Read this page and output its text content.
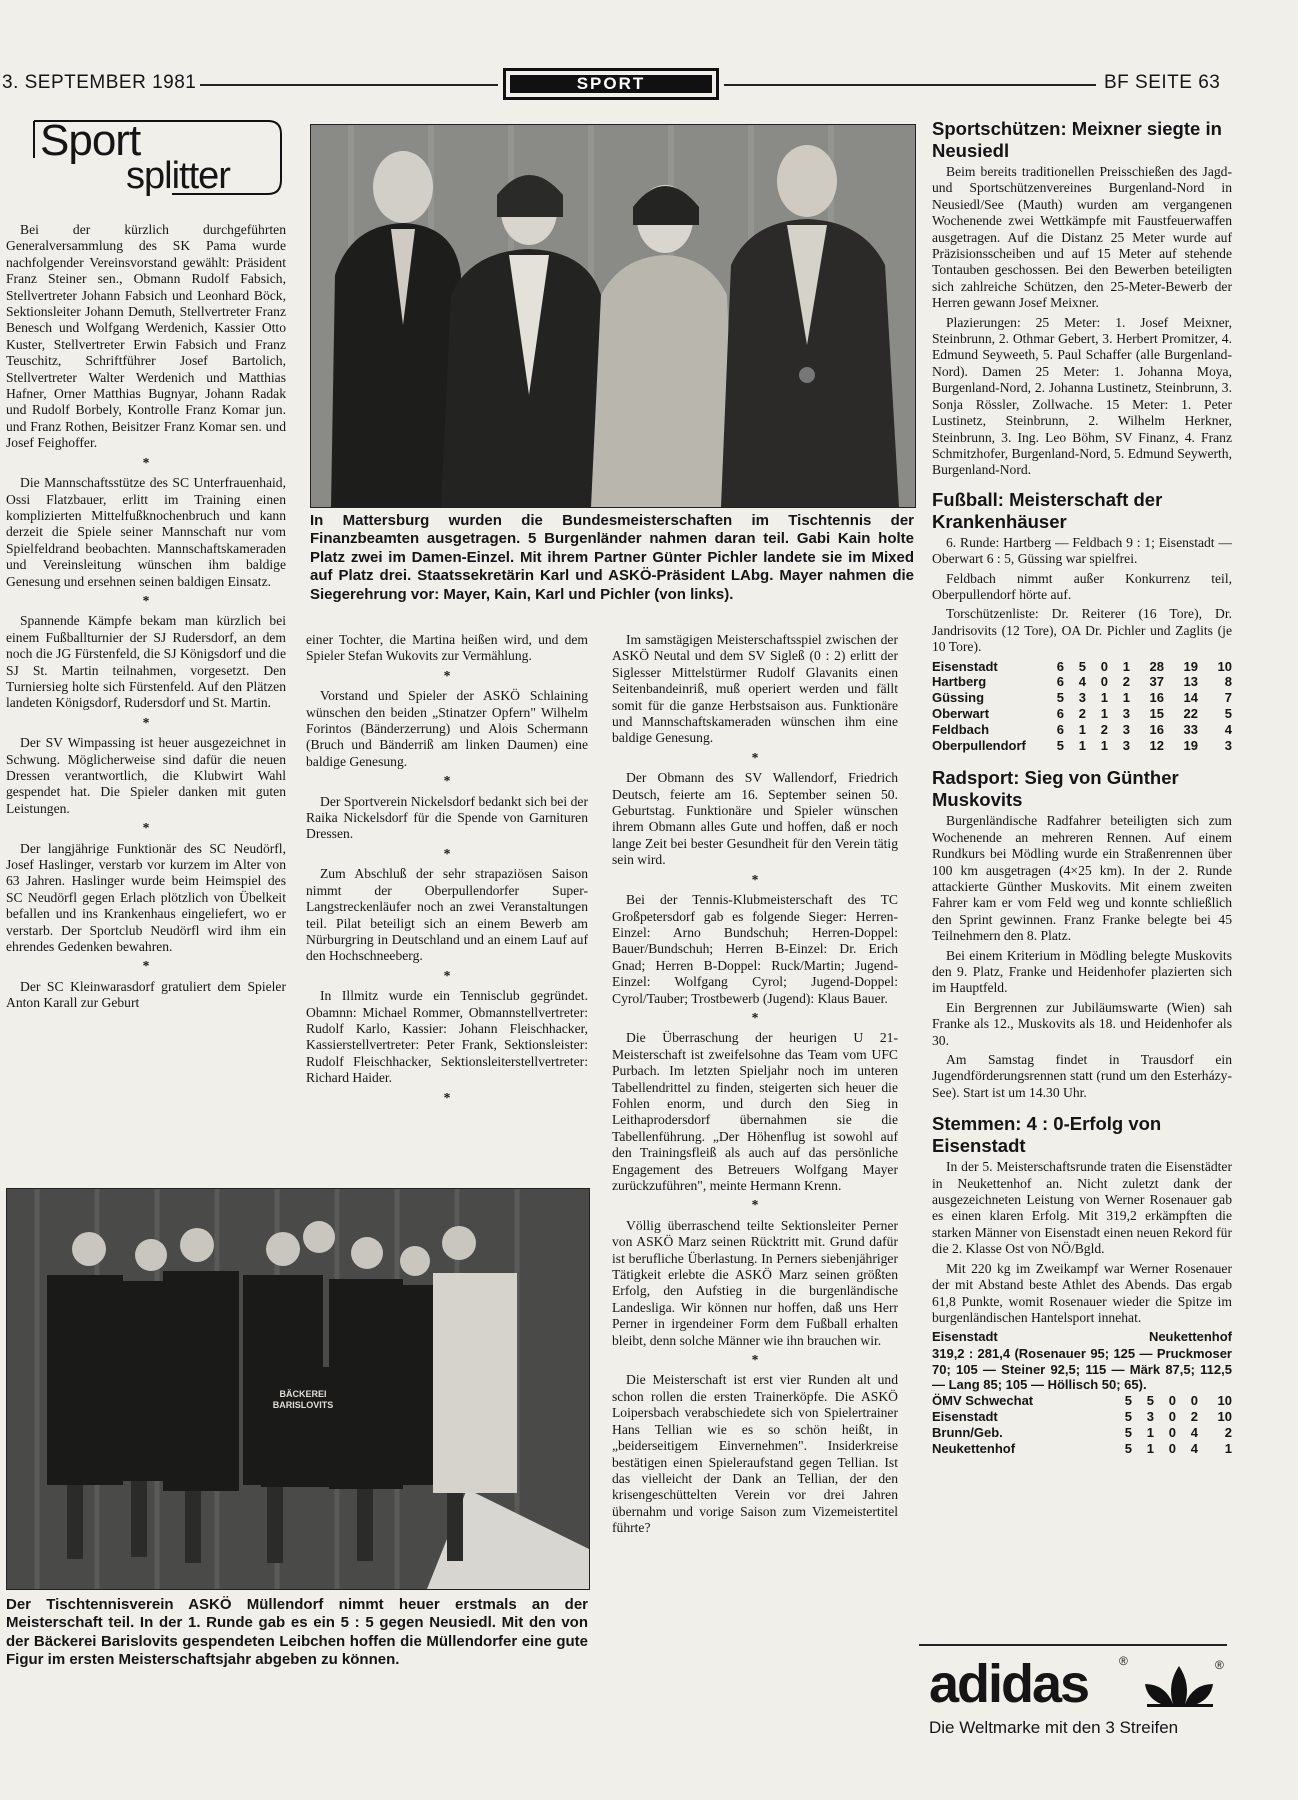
3. SEPTEMBER 1981	SPORT	BF SEITE 63
Sport
splitter

Bei der kürzlich durchgeführten Generalversammlung des SK Pama wurde nachfolgender Vereinsvorstand gewählt: Präsident Franz Steiner sen., Obmann Rudolf Fabsich, Stellvertreter Johann Fabsich und Leonhard Böck, Sektionsleiter Johann Demuth, Stellvertreter Franz Benesch und Wolfgang Werdenich, Kassier Otto Kuster, Stellvertreter Erwin Fabsich und Franz Teuschitz, Schriftführer Josef Bartolich, Stellvertreter Walter Werdenich und Matthias Hafner, Orner Matthias Bugnyar, Johann Radak und Rudolf Borbely, Kontrolle Franz Komar jun. und Franz Rothen, Beisitzer Franz Komar sen. und Josef Feighoffer.

*

Die Mannschaftsstütze des SC Unterfrauenhaid, Ossi Flatzbauer, erlitt im Training einen komplizierten Mittelfußknochenbruch und kann derzeit die Spiele seiner Mannschaft nur vom Spielfeldrand beobachten. Mannschaftskameraden und Vereinsleitung wünschen ihm baldige Genesung und ersehnen seinen baldigen Einsatz.

*

Spannende Kämpfe bekam man kürzlich bei einem Fußballturnier der SJ Rudersdorf, an dem noch die JG Fürstenfeld, die SJ Königsdorf und die SJ St. Martin teilnahmen, vorgesetzt. Den Turniersieg holte sich Fürstenfeld. Auf den Plätzen landeten Königsdorf, Rudersdorf und St. Martin.

*

Der SV Wimpassing ist heuer ausgezeichnet in Schwung. Möglicherweise sind dafür die neuen Dressen verantwortlich, die Klubwirt Wahl gespendet hat. Die Spieler danken mit guten Leistungen.

*

Der langjährige Funktionär des SC Neudörfl, Josef Haslinger, verstarb vor kurzem im Alter von 63 Jahren. Haslinger wurde beim Heimspiel des SC Neudörfl gegen Erlach plötzlich von Übelkeit befallen und ins Krankenhaus eingeliefert, wo er verstarb. Der Sportclub Neudörfl wird ihm ein ehrendes Gedenken bewahren.

*

Der SC Kleinwarasdorf gratuliert dem Spieler Anton Karall zur Geburt

In Mattersburg wurden die Bundesmeisterschaften im Tischtennis der Finanzbeamten ausgetragen. 5 Burgenländer nahmen daran teil. Gabi Kain holte Platz zwei im Damen-Einzel. Mit ihrem Partner Günter Pichler landete sie im Mixed auf Platz drei. Staatssekretärin Karl und ASKÖ-Präsident LAbg. Mayer nahmen die Siegerehrung vor: Mayer, Kain, Karl und Pichler (von links).

einer Tochter, die Martina heißen wird, und dem Spieler Stefan Wukovits zur Vermählung.

*

Vorstand und Spieler der ASKÖ Schlaining wünschen den beiden „Stinatzer Opfern" Wilhelm Forintos (Bänderzerrung) und Alois Schermann (Bruch und Bänderriß am linken Daumen) eine baldige Genesung.

*

Der Sportverein Nickelsdorf bedankt sich bei der Raika Nickelsdorf für die Spende von Garnituren Dressen.

*

Zum Abschluß der sehr strapaziösen Saison nimmt der Oberpullendorfer Super-Langstreckenläufer noch an zwei Veranstaltungen teil. Pilat beteiligt sich an einem Bewerb am Nürburgring in Deutschland und an einem Lauf auf den Hochschneeberg.

*

In Illmitz wurde ein Tennisclub gegründet. Obamnn: Michael Rommer, Obmannstellvertreter: Rudolf Karlo, Kassier: Johann Fleischhacker, Kassierstellvertreter: Peter Frank, Sektionsleister: Rudolf Fleischhacker, Sektionsleiterstellvertreter: Richard Haider.

*

Im samstägigen Meisterschaftsspiel zwischen der ASKÖ Neutal und dem SV Sigleß (0 : 2) erlitt der Siglesser Mittelstürmer Rudolf Glavanits einen Seitenbandeinriß, muß operiert werden und fällt somit für die ganze Herbstsaison aus. Funktionäre und Mannschaftskameraden wünschen ihm eine baldige Genesung.

*

Der Obmann des SV Wallendorf, Friedrich Deutsch, feierte am 16. September seinen 50. Geburtstag. Funktionäre und Spieler wünschen ihrem Obmann alles Gute und hoffen, daß er noch lange Zeit bei bester Gesundheit für den Verein tätig sein wird.

*

Bei der Tennis-Klubmeisterschaft des TC Großpetersdorf gab es folgende Sieger: Herren-Einzel: Arno Bundschuh; Herren-Doppel: Bauer/Bundschuh; Herren B-Einzel: Dr. Erich Gnad; Herren B-Doppel: Ruck/Martin; Jugend-Einzel: Wolfgang Cyrol; Jugend-Doppel: Cyrol/Tauber; Trostbewerb (Jugend): Klaus Bauer.

*

Die Überraschung der heurigen U 21-Meisterschaft ist zweifelsohne das Team vom UFC Purbach. Im letzten Spieljahr noch im unteren Tabellendrittel zu finden, steigerten sich heuer die Fohlen enorm, und durch den Sieg in Leithaprodersdorf übernahmen sie die Tabellenführung. „Der Höhenflug ist sowohl auf den Trainingsfleiß als auch auf das persönliche Engagement des Betreuers Wolfgang Mayer zurückzuführen", meinte Hermann Krenn.

*

Völlig überraschend teilte Sektionsleiter Perner von ASKÖ Marz seinen Rücktritt mit. Grund dafür ist berufliche Überlastung. In Perners siebenjähriger Tätigkeit erlebte die ASKÖ Marz seinen größten Erfolg, den Aufstieg in die burgenländische Landesliga. Wir können nur hoffen, daß uns Herr Perner in irgendeiner Form dem Fußball erhalten bleibt, denn solche Männer wie ihn brauchen wir.

*

Die Meisterschaft ist erst vier Runden alt und schon rollen die ersten Trainerköpfe. Die ASKÖ Loipersbach verabschiedete sich von Spielertrainer Hans Tellian wie es so schön heißt, in „beiderseitigem Einvernehmen". Insiderkreise bestätigen einen Spieleraufstand gegen Tellian. Ist das vielleicht der Dank an Tellian, der den krisengeschüttelten Verein vor drei Jahren übernahm und vorige Saison zum Vizemeistertitel führte?

BÄCKEREI BARISLOVITS
Der Tischtennisverein ASKÖ Müllendorf nimmt heuer erstmals an der Meisterschaft teil. In der 1. Runde gab es ein 5 : 5 gegen Neusiedl. Mit den von der Bäckerei Barislovits gespendeten Leibchen hoffen die Müllendorfer eine gute Figur im ersten Meisterschaftsjahr abgeben zu können.
Sportschützen: Meixner siegte in Neusiedl

Beim bereits traditionellen Preisschießen des Jagd- und Sportschützenvereines Burgenland-Nord in Neusiedl/See (Mauth) wurden am vergangenen Wochenende zwei Wettkämpfe mit Faustfeuerwaffen ausgetragen. Auf die Distanz 25 Meter wurde auf Präzisionsscheiben und auf 15 Meter auf stehende Tontauben geschossen. Bei den Bewerben beteiligten sich zahlreiche Schützen, den 25-Meter-Bewerb der Herren gewann Josef Meixner.

Plazierungen: 25 Meter: 1. Josef Meixner, Steinbrunn, 2. Othmar Gebert, 3. Herbert Promitzer, 4. Edmund Seyweeth, 5. Paul Schaffer (alle Burgenland-Nord). Damen 25 Meter: 1. Johanna Moya, Burgenland-Nord, 2. Johanna Lustinetz, Steinbrunn, 3. Sonja Rössler, Zollwache. 15 Meter: 1. Peter Lustinetz, Steinbrunn, 2. Wilhelm Herkner, Steinbrunn, 3. Ing. Leo Böhm, SV Finanz, 4. Franz Schmitzhofer, Burgenland-Nord, 5. Edmund Seywerth, Burgenland-Nord.

Fußball: Meisterschaft der Krankenhäuser

6. Runde: Hartberg — Feldbach 9 : 1; Eisenstadt — Oberwart 6 : 5, Güssing war spielfrei.

Feldbach nimmt außer Konkurrenz teil, Oberpullendorf hörte auf.

Torschützenliste: Dr. Reiterer (16 Tore), Dr. Jandrisovits (12 Tore), OA Dr. Pichler und Zaglits (je 10 Tore).

Eisenstadt	6	5	0	1	28	19	10
Hartberg	6	4	0	2	37	13	8
Güssing	5	3	1	1	16	14	7
Oberwart	6	2	1	3	15	22	5
Feldbach	6	1	2	3	16	33	4
Oberpullendorf	5	1	1	3	12	19	3
Radsport: Sieg von Günther Muskovits

Burgenländische Radfahrer beteiligten sich zum Wochenende an mehreren Rennen. Auf einem Rundkurs bei Mödling wurde ein Straßenrennen über 100 km ausgetragen (4×25 km). In der 2. Runde attackierte Günther Muskovits. Mit einem zweiten Fahrer kam er vom Feld weg und konnte schließlich den Sprint gewinnen. Franz Franke belegte bei 45 Teilnehmern den 8. Platz.

Bei einem Kriterium in Mödling belegte Muskovits den 9. Platz, Franke und Heidenhofer plazierten sich im Hauptfeld.

Ein Bergrennen zur Jubiläumswarte (Wien) sah Franke als 12., Muskovits als 18. und Heidenhofer als 30.

Am Samstag findet in Trausdorf ein Jugendförderungsrennen statt (rund um den Esterházy-See). Start ist um 14.30 Uhr.

Stemmen: 4 : 0-Erfolg von Eisenstadt

In der 5. Meisterschaftsrunde traten die Eisenstädter in Neukettenhof an. Nicht zuletzt dank der ausgezeichneten Leistung von Werner Rosenauer gab es einen klaren Erfolg. Mit 319,2 erkämpften die starken Männer von Eisenstadt einen neuen Rekord für die 2. Klasse Ost von NÖ/Bgld.

Mit 220 kg im Zweikampf war Werner Rosenauer der mit Abstand beste Athlet des Abends. Das ergab 61,8 Punkte, womit Rosenauer wieder die Spitze im burgenländischen Hantelsport innehat.

Eisenstadt	Neukettenhof
319,2 : 281,4 (Rosenauer 95; 125 — Pruckmoser 70; 105 — Steiner 92,5; 115 — Märk 87,5; 112,5 — Lang 85; 105 — Höllisch 50; 65).
ÖMV Schwechat	5	5	0	0	10
Eisenstadt	5	3	0	2	10
Brunn/Geb.	5	1	0	4	2
Neukettenhof	5	1	0	4	1
adidas	®	®
Die Weltmarke mit den 3 Streifen
